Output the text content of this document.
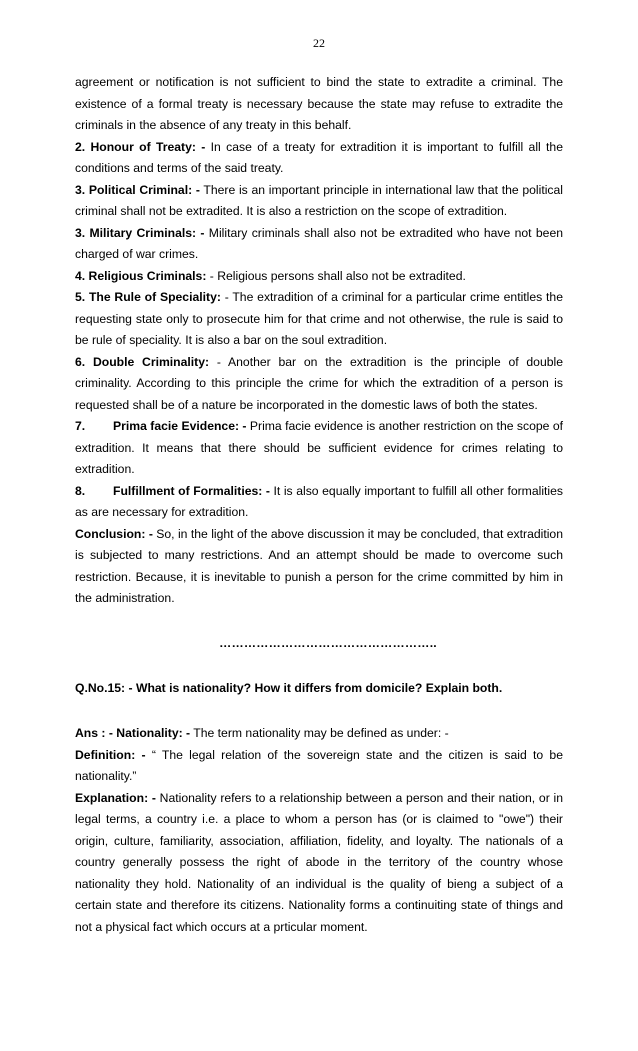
22

agreement or notification is not sufficient to bind the state to extradite a criminal. The existence of a formal treaty is necessary because the state may refuse to extradite the criminals in the absence of any treaty in this behalf.

2. Honour of Treaty: - In case of a treaty for extradition it is important to fulfill all the conditions and terms of the said treaty.

3. Political Criminal: - There is an important principle in international law that the political criminal shall not be extradited. It is also a restriction on the scope of extradition.

3. Military Criminals: - Military criminals shall also not be extradited who have not been charged of war crimes.

4. Religious Criminals: - Religious persons shall also not be extradited.

5. The Rule of Speciality: - The extradition of a criminal for a particular crime entitles the requesting state only to prosecute him for that crime and not otherwise, the rule is said to be rule of speciality. It is also a bar on the soul extradition.

6. Double Criminality: - Another bar on the extradition is the principle of double criminality. According to this principle the crime for which the extradition of a person is requested shall be of a nature be incorporated in the domestic laws of both the states.

7. Prima facie Evidence: - Prima facie evidence is another restriction on the scope of extradition. It means that there should be sufficient evidence for crimes relating to extradition.

8. Fulfillment of Formalities: - It is also equally important to fulfill all other formalities as are necessary for extradition.

Conclusion: - So, in the light of the above discussion it may be concluded, that extradition is subjected to many restrictions. And an attempt should be made to overcome such restriction. Because, it is inevitable to punish a person for the crime committed by him in the administration.

……………………………………………..

Q.No.15: - What is nationality? How it differs from domicile? Explain both.

Ans : - Nationality: - The term nationality may be defined as under: -

Definition: - “ The legal relation of the sovereign state and the citizen is said to be nationality.”

Explanation: - Nationality refers to a relationship between a person and their nation, or in legal terms, a country i.e. a place to whom a person has (or is claimed to "owe") their origin, culture, familiarity, association, affiliation, fidelity, and loyalty. The nationals of a country generally possess the right of abode in the territory of the country whose nationality they hold. Nationality of an individual is the quality of bieng a subject of a certain state and therefore its citizens. Nationality forms a continuiting state of things and not a physical fact which occurs at a prticular moment.
